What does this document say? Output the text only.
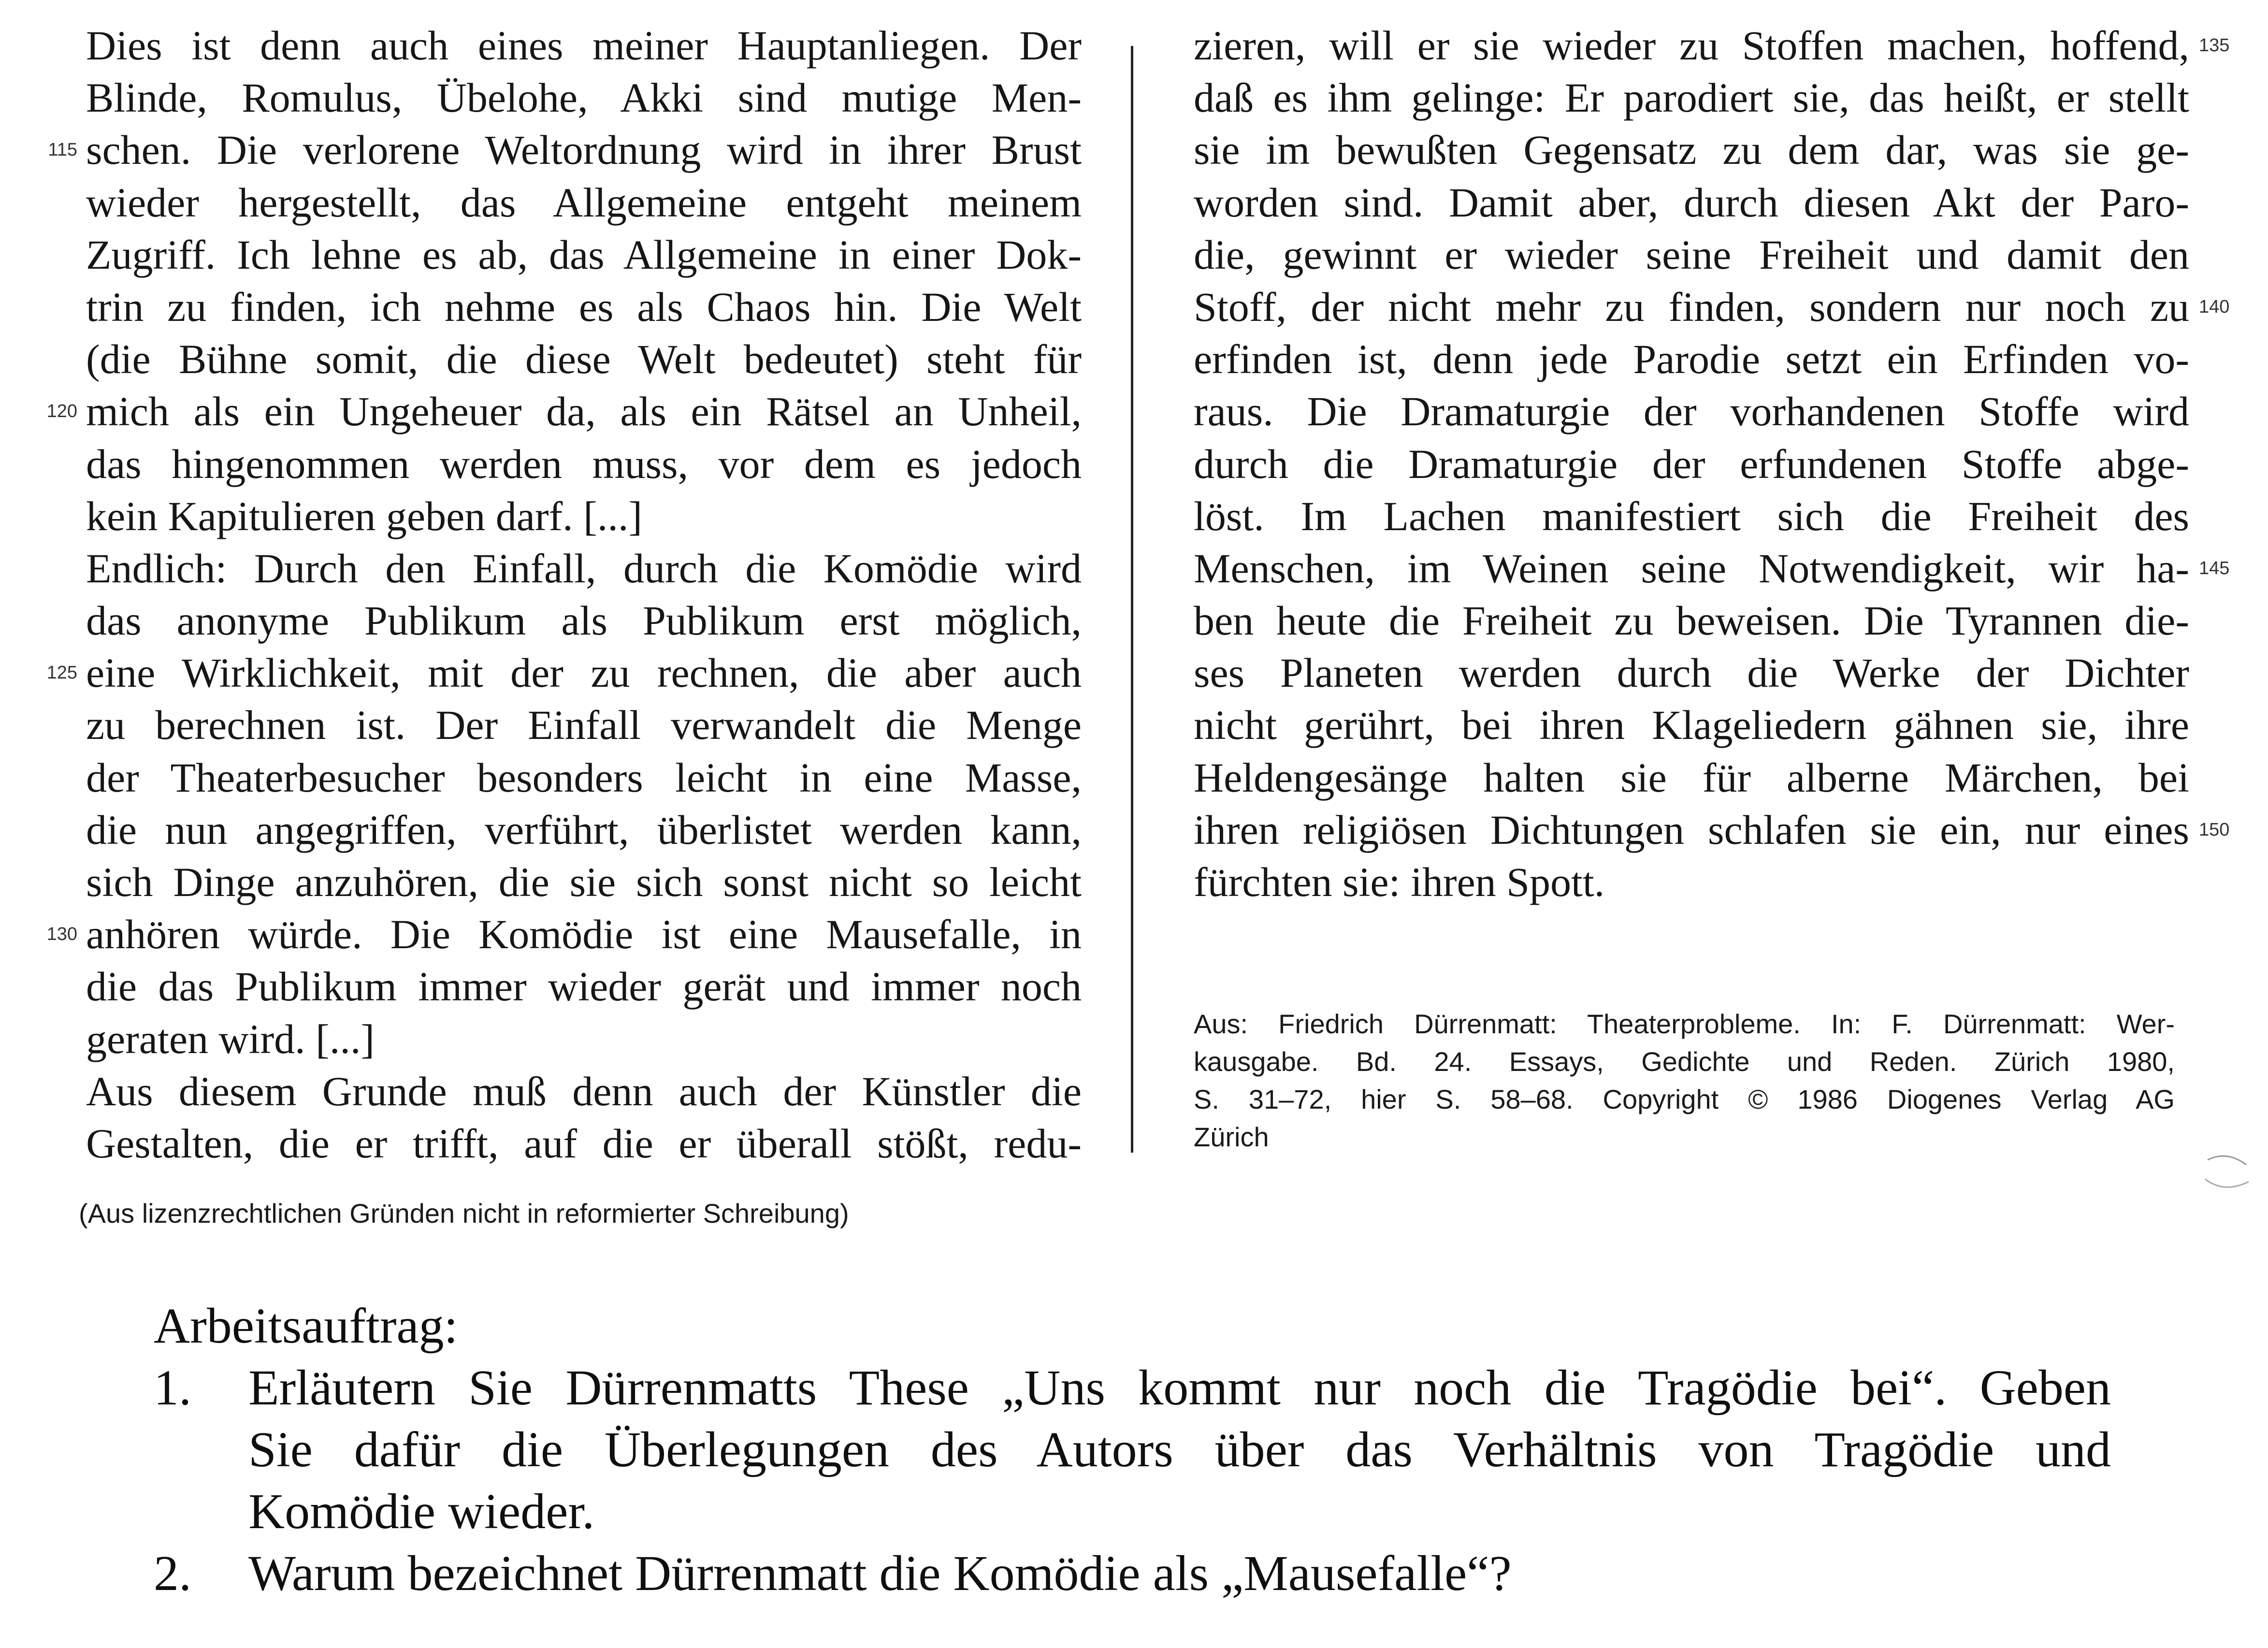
Dies ist denn auch eines meiner Hauptanliegen. Der
Blinde, Romulus, Übelohe, Akki sind mutige Men-
schen. Die verlorene Weltordnung wird in ihrer Brust
115
wieder hergestellt, das Allgemeine entgeht meinem
Zugriff. Ich lehne es ab, das Allgemeine in einer Dok-
trin zu finden, ich nehme es als Chaos hin. Die Welt
(die Bühne somit, die diese Welt bedeutet) steht für
mich als ein Ungeheuer da, als ein Rätsel an Unheil,
120
das hingenommen werden muss, vor dem es jedoch
kein Kapitulieren geben darf. [...]
Endlich: Durch den Einfall, durch die Komödie wird
das anonyme Publikum als Publikum erst möglich,
eine Wirklichkeit, mit der zu rechnen, die aber auch
125
zu berechnen ist. Der Einfall verwandelt die Menge
der Theaterbesucher besonders leicht in eine Masse,
die nun angegriffen, verführt, überlistet werden kann,
sich Dinge anzuhören, die sie sich sonst nicht so leicht
anhören würde. Die Komödie ist eine Mausefalle, in
130
die das Publikum immer wieder gerät und immer noch
geraten wird. [...]
Aus diesem Grunde muß denn auch der Künstler die
Gestalten, die er trifft, auf die er überall stößt, redu-
zieren, will er sie wieder zu Stoffen machen, hoffend, 135
daß es ihm gelinge: Er parodiert sie, das heißt, er stellt
sie im bewußten Gegensatz zu dem dar, was sie ge-
worden sind. Damit aber, durch diesen Akt der Paro-
die, gewinnt er wieder seine Freiheit und damit den
Stoff, der nicht mehr zu finden, sondern nur noch zu 140
erfinden ist, denn jede Parodie setzt ein Erfinden vo-
raus. Die Dramaturgie der vorhandenen Stoffe wird
durch die Dramaturgie der erfundenen Stoffe abge-
löst. Im Lachen manifestiert sich die Freiheit des
Menschen, im Weinen seine Notwendigkeit, wir ha- 145
ben heute die Freiheit zu beweisen. Die Tyrannen die-
ses Planeten werden durch die Werke der Dichter
nicht gerührt, bei ihren Klageliedern gähnen sie, ihre
Heldengesänge halten sie für alberne Märchen, bei
ihren religiösen Dichtungen schlafen sie ein, nur eines 150
fürchten sie: ihren Spott.
(Aus lizenzrechtlichen Gründen nicht in reformierter Schreibung)
Aus: Friedrich Dürrenmatt: Theaterprobleme. In: F. Dürrenmatt: Wer-
kausgabe. Bd. 24. Essays, Gedichte und Reden. Zürich 1980,
S. 31–72, hier S. 58–68. Copyright © 1986 Diogenes Verlag AG
Zürich
Arbeitsauftrag:
1. Erläutern Sie Dürrenmatts These „Uns kommt nur noch die Tragödie bei“. Geben
Sie dafür die Überlegungen des Autors über das Verhältnis von Tragödie und
Komödie wieder.
2. Warum bezeichnet Dürrenmatt die Komödie als „Mausefalle“?
